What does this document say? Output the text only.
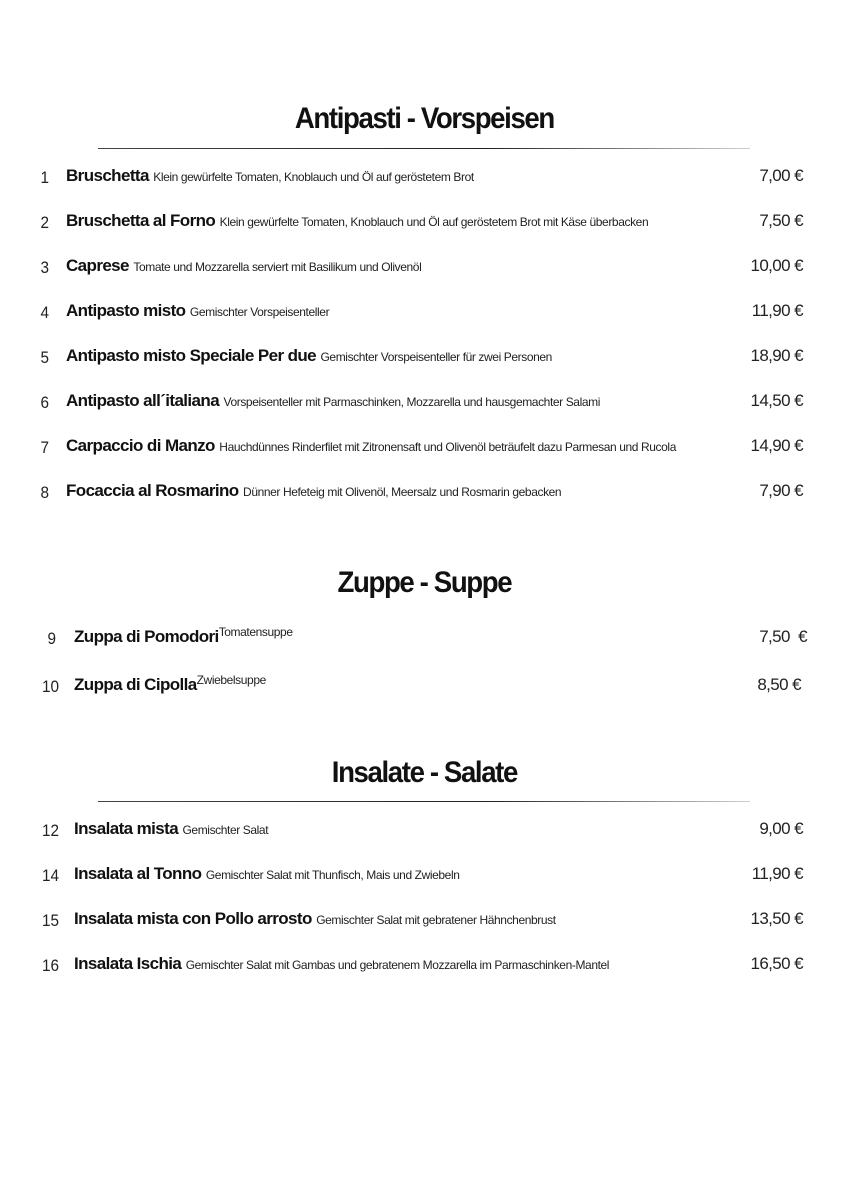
Antipasti - Vorspeisen
1 Bruschetta Klein gewürfelte Tomaten, Knoblauch und Öl auf geröstetem Brot	7,00 €
2 Bruschetta al Forno Klein gewürfelte Tomaten, Knoblauch und Öl auf geröstetem Brot mit Käse überbacken	7,50 €
3 Caprese Tomate und Mozzarella serviert mit Basilikum und Olivenöl	10,00 €
4 Antipasto misto Gemischter Vorspeisenteller	11,90 €
5 Antipasto misto Speciale Per due Gemischter Vorspeisenteller für zwei Personen	18,90 €
6 Antipasto all´italiana Vorspeisenteller mit Parmaschinken, Mozzarella und hausgemachter Salami	14,50 €
7 Carpaccio di Manzo Hauchdünnes Rinderfilet mit Zitronensaft und Olivenöl beträufelt dazu Parmesan und Rucola	14,90 €
8 Focaccia al Rosmarino Dünner Hefeteig mit Olivenöl, Meersalz und Rosmarin gebacken	7,90 €
Zuppe - Suppe
9 Zuppa di Pomodori$^{Tomatensuppe}$	7,50  €
10 Zuppa di Cipolla$^{Zwiebelsuppe}$	8,50 €
Insalate - Salate
12 Insalata mista Gemischter Salat	9,00 €
14 Insalata al Tonno Gemischter Salat mit Thunfisch, Mais und Zwiebeln	11,90 €
15 Insalata mista con Pollo arrosto Gemischter Salat mit gebratener Hähnchenbrust	13,50 €
16 Insalata Ischia Gemischter Salat mit Gambas und gebratenem Mozzarella im Parmaschinken-Mantel	16,50 €
